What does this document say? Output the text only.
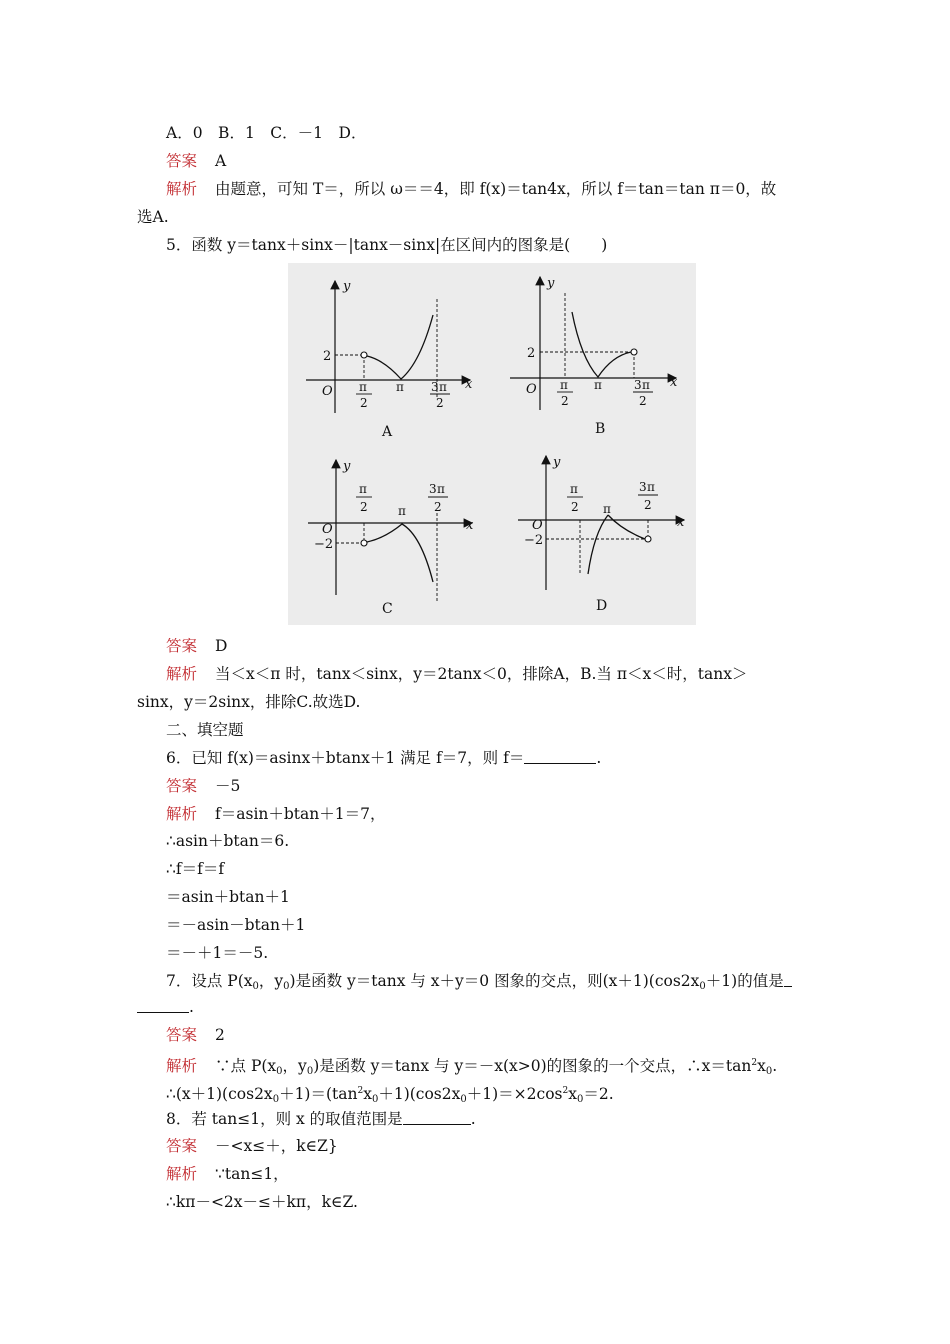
A．0　B．1　C．－1　D．
答案 A
解析 由题意，可知 T＝，所以 ω＝＝4，即 f(x)＝tan4x，所以 f＝tan＝tan π＝0，故
选A.
5．函数 y＝tanx＋sinx－|tanx－sinx|在区间内的图象是(　　)
y
x
O
2
π
2
π 3 π
2
A
y
x
O
2
π
2
π	3 π
2
B
y
x
O
−2
π
2	π
3 π
2
C
y
x
O
−2
π
2 π
3 π
2
D
答案 D
解析 当＜x＜π 时，tanx＜sinx，y＝2tanx＜0，排除A，B.当 π＜x＜时，tanx＞
sinx，y＝2sinx，排除C.故选D.
二、填空题
6．已知 f(x)＝asinx＋btanx＋1 满足 f＝7，则 f＝	.
答案 －5
解析 f＝asin＋btan＋1＝7，
∴asin＋btan＝6.
∴f＝f＝f
＝asin＋btan＋1
＝－asin－btan＋1
＝－＋1＝－5.
7．设点 $P(x_0$，$y_0$)是函数 y＝tanx 与 x＋y＝0 图象的交点，则$(x+1)(\cos 2x_0+1)$的值是
.
答案 2
解析 ∵点 $P(x_0$，$y_0$)是函数 y＝tanx 与 y＝－x(x>0)的图象的一个交点，$\therefore x=\tan^2x_0$.
$\therefore(x+1)(\cos 2x_0+1)=(\tan^2x_0+1)(\cos 2x_0+1)=\times 2\cos^2x_0=2$.
8．若 tan≤1，则 x 的取值范围是	.
答案 －<x≤＋，k∈Z}
解析 ∵tan≤1，
∴kπ－<2x－≤＋kπ，k∈Z.
